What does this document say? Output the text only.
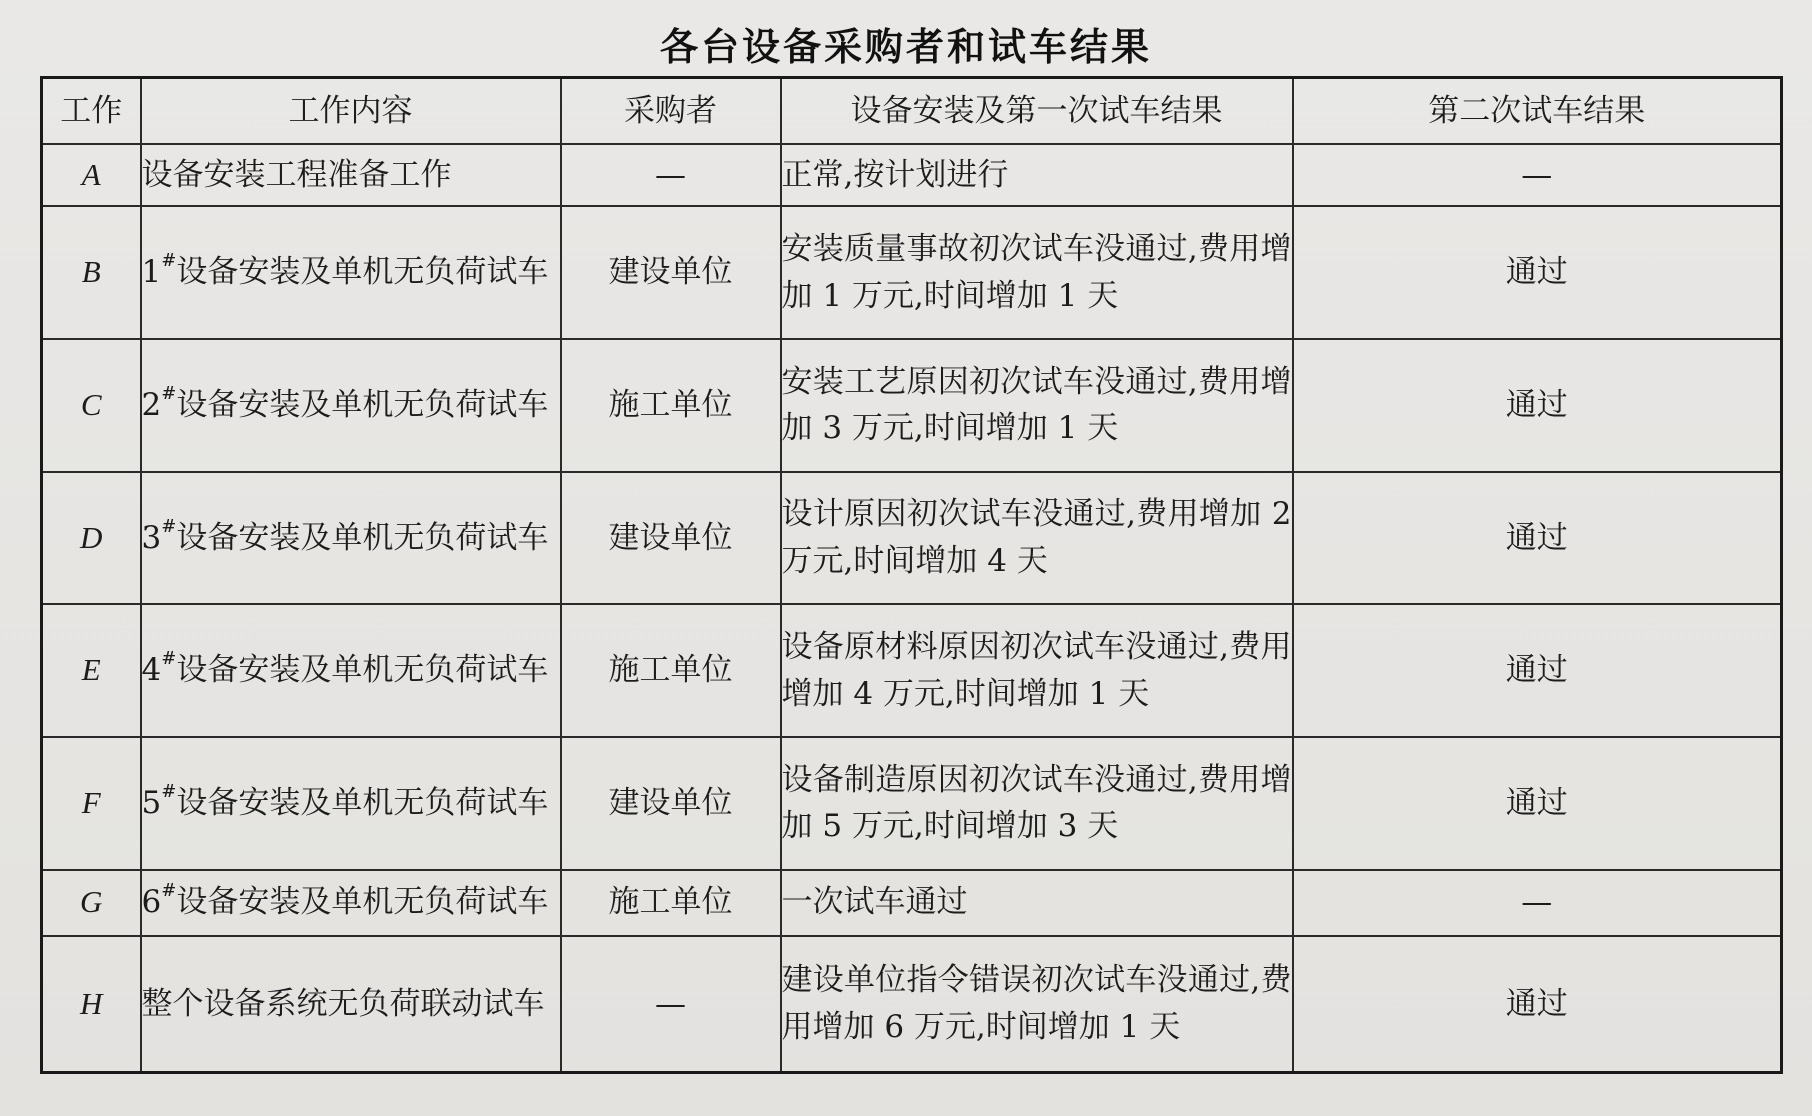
各台设备采购者和试车结果
工作	工作内容	采购者	设备安装及第一次试车结果	第二次试车结果
A	设备安装工程准备工作	—	正常,按计划进行	—
B	1#设备安装及单机无负荷试车	建设单位	安装质量事故初次试车没通过,费用增加 1 万元,时间增加 1 天	通过
C	2#设备安装及单机无负荷试车	施工单位	安装工艺原因初次试车没通过,费用增加 3 万元,时间增加 1 天	通过
D	3#设备安装及单机无负荷试车	建设单位	设计原因初次试车没通过,费用增加 2 万元,时间增加 4 天	通过
E	4#设备安装及单机无负荷试车	施工单位	设备原材料原因初次试车没通过,费用增加 4 万元,时间增加 1 天	通过
F	5#设备安装及单机无负荷试车	建设单位	设备制造原因初次试车没通过,费用增加 5 万元,时间增加 3 天	通过
G	6#设备安装及单机无负荷试车	施工单位	一次试车通过	—
H	整个设备系统无负荷联动试车	—	建设单位指令错误初次试车没通过,费用增加 6 万元,时间增加 1 天	通过
